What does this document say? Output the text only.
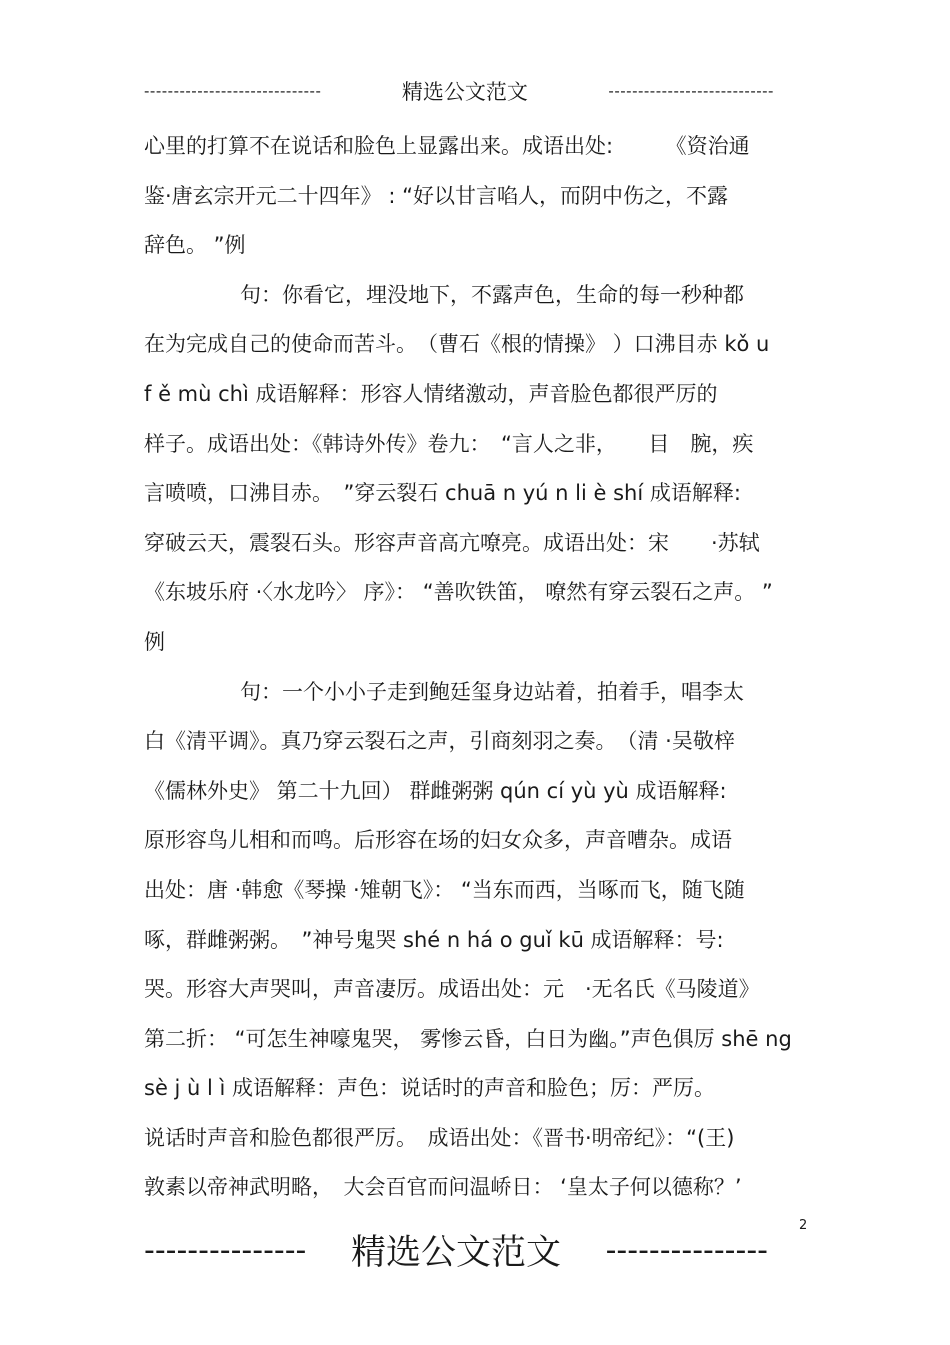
------------------------------	精选公文范文	----------------------------
心里的打算不在说话和脸色上显露出来。成语出处:　　　《资治通
鉴·唐玄宗开元二十四年》 : “好以甘言啗人，而阴中伤之，不露
辞色。 ”例
句：你看它，埋没地下，不露声色，生命的每一秒种都
在为完成自己的使命而苦斗。　（曹石《根的情操》 ）口沸目赤 kǒ u
f ě mù chì 成语解释：形容人情绪激动，声音脸色都很严厉的
样子。成语出处：《韩诗外传》卷九：　“言人之非，　　目　腕，疾
言喷喷，口沸目赤。　”穿云裂石 chuā n yú n li è shí 成语解释:
穿破云天，震裂石头。形容声音高亢嘹亮。成语出处：宋　　·苏轼
《东坡乐府 ·〈水龙吟〉 序》： “善吹铁笛， 嘹然有穿云裂石之声。 ”
例
句：一个小小子走到鲍廷玺身边站着，拍着手，唱李太
白《清平调》。真乃穿云裂石之声，引商刻羽之奏。　（清 ·吴敬梓
《儒林外史》 第二十九回） 群雌粥粥 qún cí yù yù 成语解释:
原形容鸟儿相和而鸣。后形容在场的妇女众多，声音嘈杂。成语
出处：唐 ·韩愈《琴操 ·雉朝飞》： “当东而西，当啄而飞，随飞随
啄，群雌粥粥。　”神号鬼哭 shé n há o guǐ kū 成语解释：号:
哭。形容大声哭叫，声音凄厉。成语出处：元　·无名氏《马陵道》
第二折： “可怎生神嚎鬼哭， 雾惨云昏，白日为幽。”声色俱厉 shē ng
sè j ù l ì 成语解释：声色：说话时的声音和脸色；厉：严厉。
说话时声音和脸色都很严厉。　成语出处：《晋书·明帝纪》：“(王)
敦素以帝神武明略，　大会百官而问温峤日： ‘皇太子何以德称？’
2
--------------- 精选公文范文 ---------------
